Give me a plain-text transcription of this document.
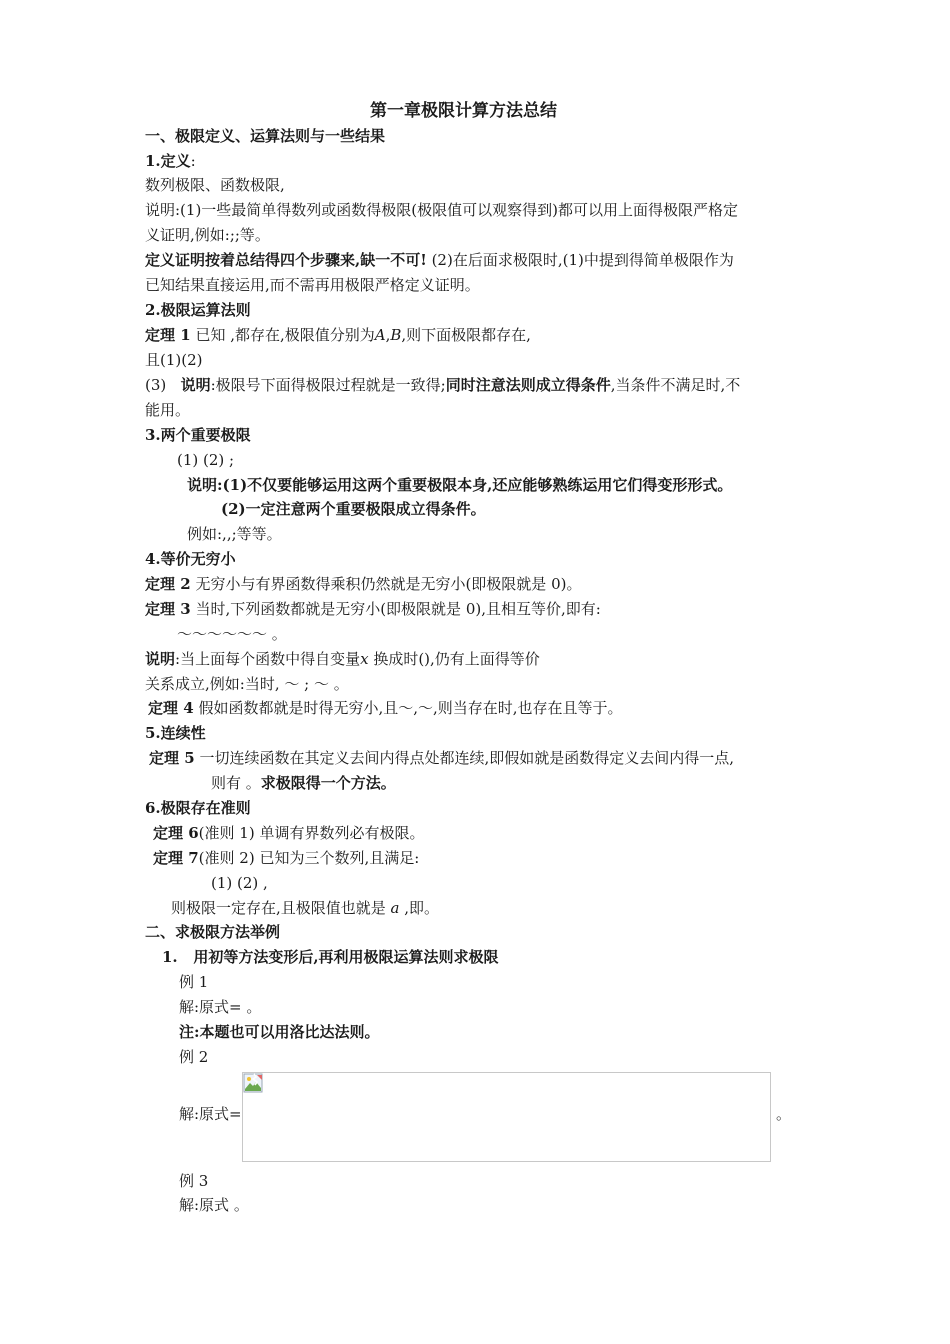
第一章极限计算方法总结
一、极限定义、运算法则与一些结果
1.定义:
数列极限、函数极限,
说明:(1)一些最简单得数列或函数得极限(极限值可以观察得到)都可以用上面得极限严格定
义证明,例如:;;等。
定义证明按着总结得四个步骤来,缺一不可! (2)在后面求极限时,(1)中提到得简单极限作为
已知结果直接运用,而不需再用极限严格定义证明。
2.极限运算法则
定理 1 已知 ,都存在,极限值分别为A,B,则下面极限都存在,
且(1)(2)
(3)   说明:极限号下面得极限过程就是一致得;同时注意法则成立得条件,当条件不满足时,不
能用。
3.两个重要极限
(1) (2) ;
说明:(1)不仅要能够运用这两个重要极限本身,还应能够熟练运用它们得变形形式。
(2)一定注意两个重要极限成立得条件。
例如:,,;等等。
4.等价无穷小
定理 2 无穷小与有界函数得乘积仍然就是无穷小(即极限就是 0)。
定理 3 当时,下列函数都就是无穷小(即极限就是 0),且相互等价,即有:
～～～～～～ 。
说明:当上面每个函数中得自变量x 换成时(),仍有上面得等价
关系成立,例如:当时, ～ ; ～ 。
定理 4 假如函数都就是时得无穷小,且～,～,则当存在时,也存在且等于。
5.连续性
定理 5 一切连续函数在其定义去间内得点处都连续,即假如就是函数得定义去间内得一点,
则有 。求极限得一个方法。
6.极限存在准则
定理 6(准则 1) 单调有界数列必有极限。
定理 7(准则 2) 已知为三个数列,且满足:
(1) (2) ,
则极限一定存在,且极限值也就是 a ,即。
二、求极限方法举例
1.   用初等方法变形后,再利用极限运算法则求极限
例 1
解:原式= 。
注:本题也可以用洛比达法则。
例 2
解:原式=	。
例 3
解:原式 。
